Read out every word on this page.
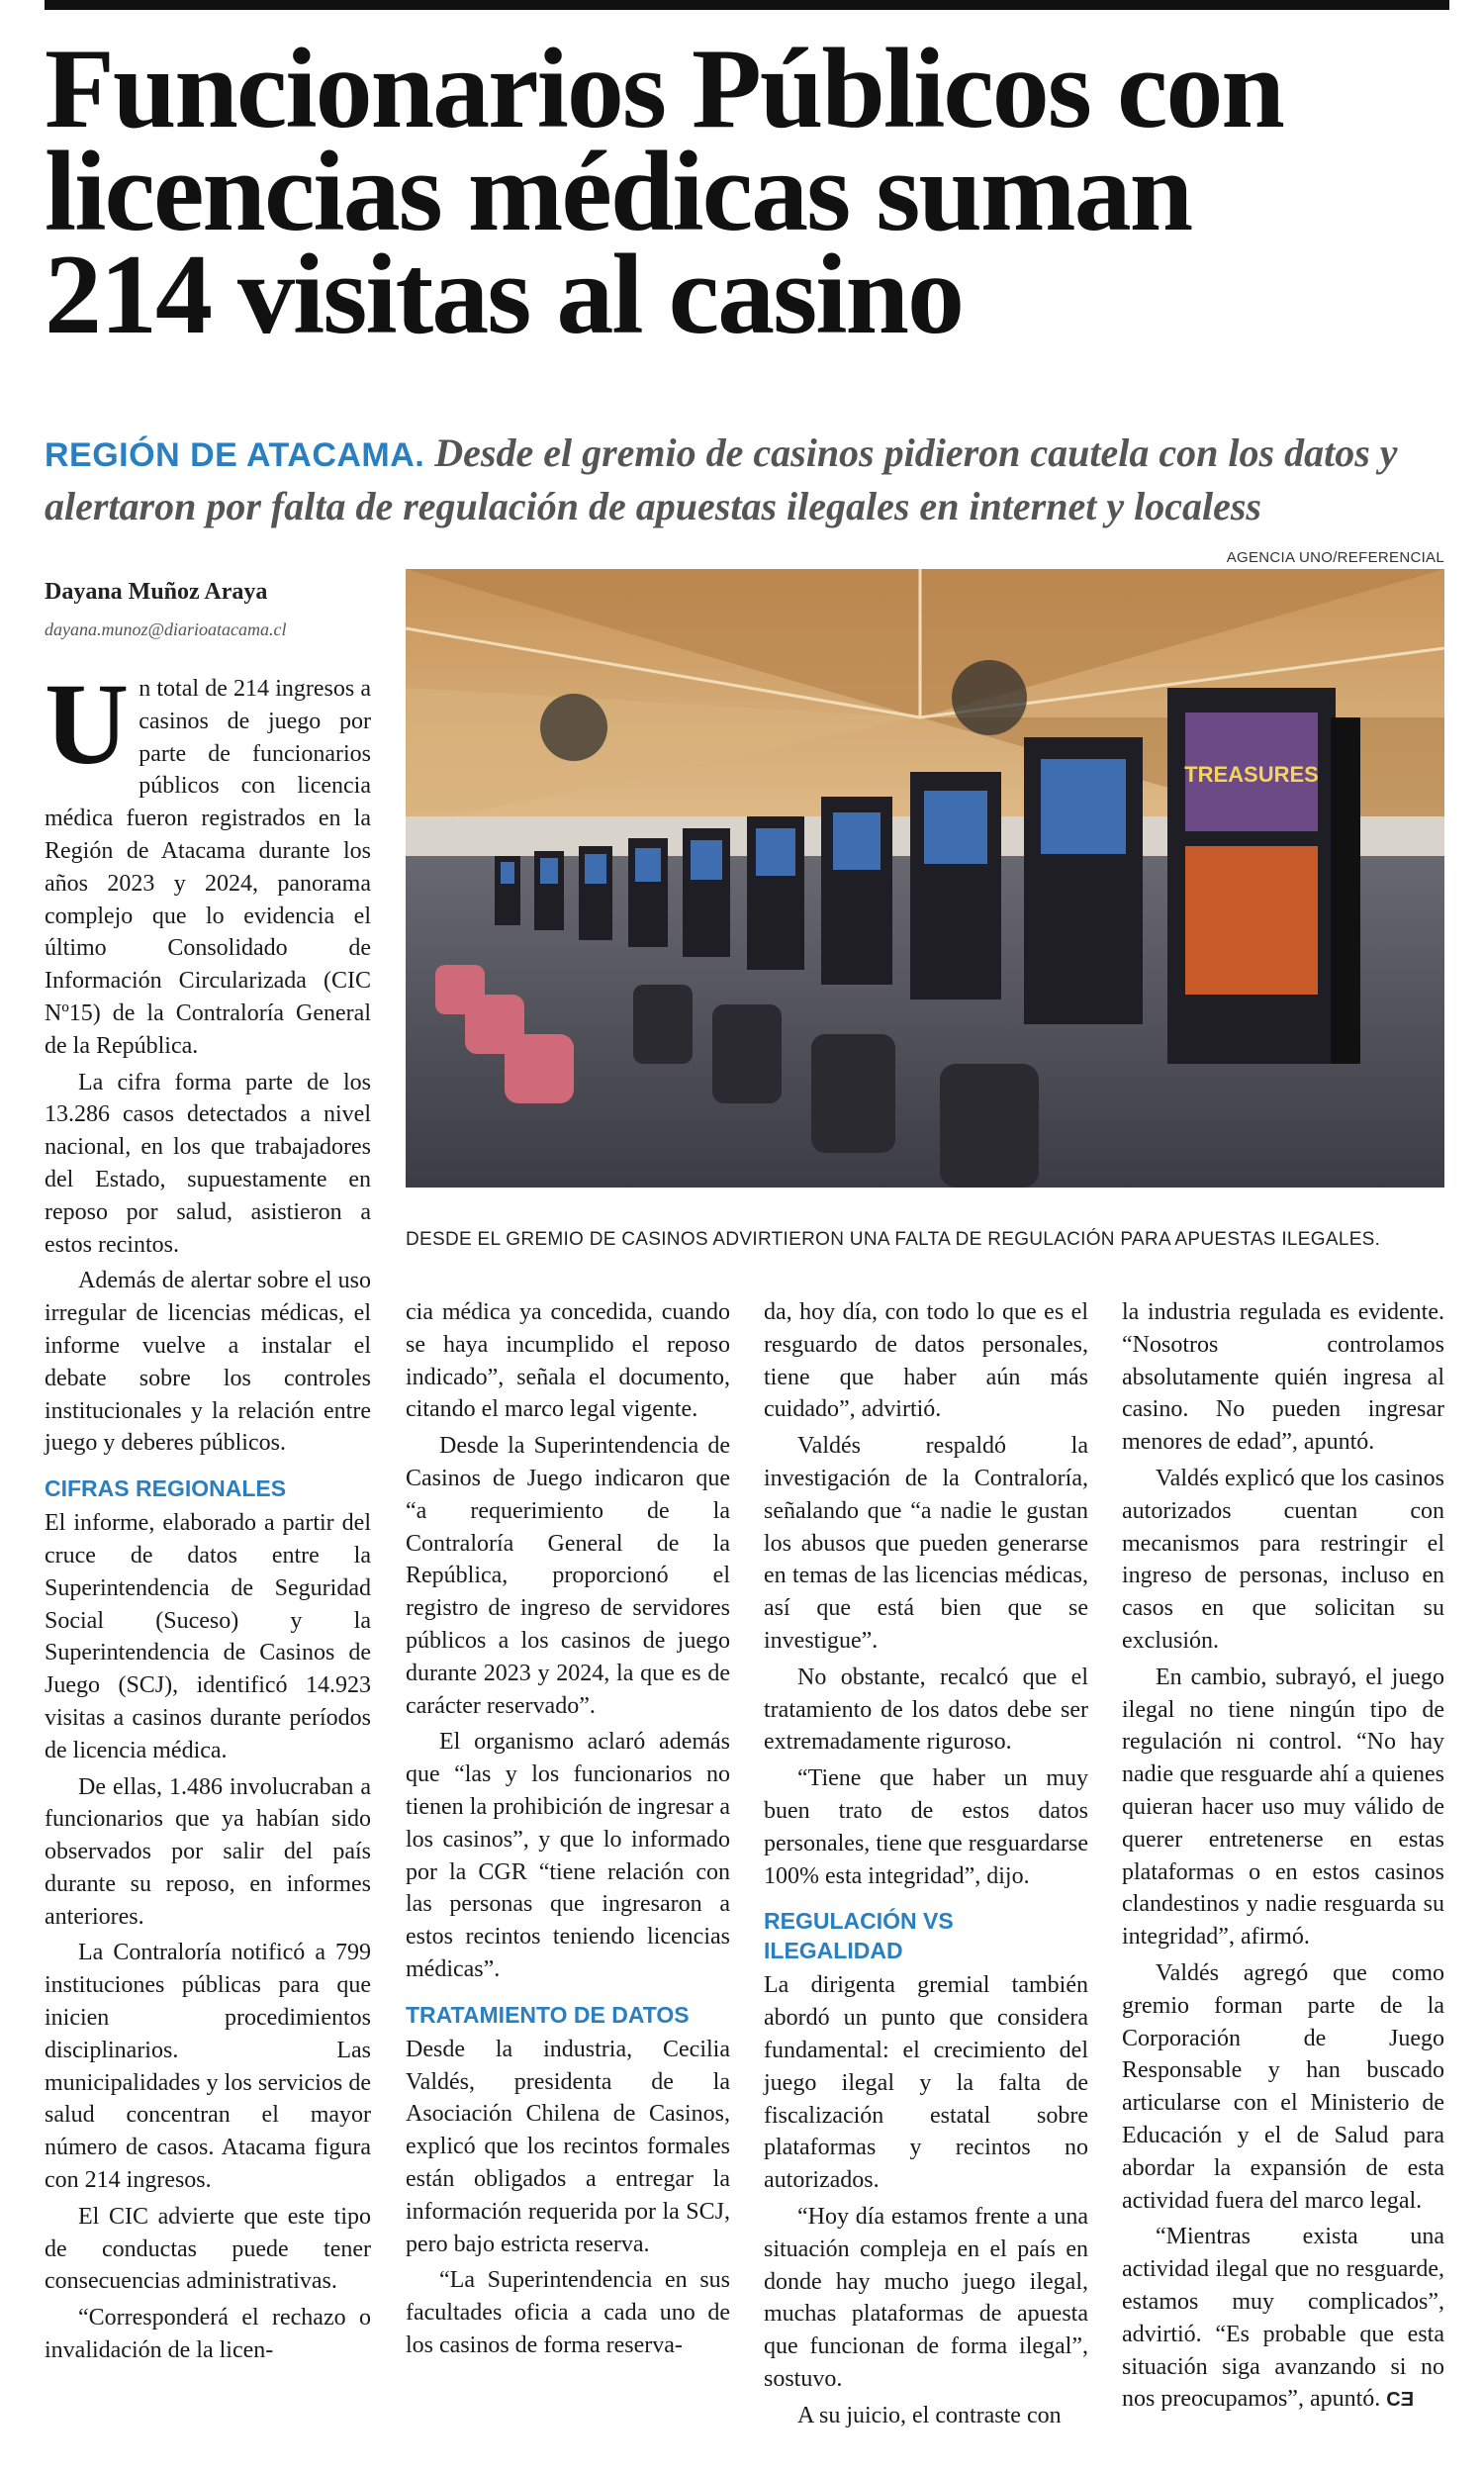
Funcionarios Públicos con
licencias médicas suman
214 visitas al casino
REGIÓN DE ATACAMA. Desde el gremio de casinos pidieron cautela con los datos y alertaron por falta de regulación de apuestas ilegales en internet y localess
AGENCIA UNO/REFERENCIAL
Dayana Muñoz Araya
dayana.munoz@diarioatacama.cl
TREASURES
DESDE EL GREMIO DE CASINOS ADVIRTIERON UNA FALTA DE REGULACIÓN PARA APUESTAS ILEGALES.

Un total de 214 ingresos a casinos de juego por parte de funcionarios públicos con licencia médica fueron registrados en la Región de Atacama durante los años 2023 y 2024, panorama complejo que lo evidencia el último Consolidado de Información Circularizada (CIC Nº15) de la Contraloría General de la República.

La cifra forma parte de los 13.286 casos detectados a nivel nacional, en los que trabajadores del Estado, supuestamente en reposo por salud, asistieron a estos recintos.

Además de alertar sobre el uso irregular de licencias médicas, el informe vuelve a instalar el debate sobre los controles institucionales y la relación entre juego y deberes públicos.

CIFRAS REGIONALES

El informe, elaborado a partir del cruce de datos entre la Superintendencia de Seguridad Social (Suceso) y la Superintendencia de Casinos de Juego (SCJ), identificó 14.923 visitas a casinos durante períodos de licencia médica.

De ellas, 1.486 involucraban a funcionarios que ya habían sido observados por salir del país durante su reposo, en informes anteriores.

La Contraloría notificó a 799 instituciones públicas para que inicien procedimientos disciplinarios. Las municipalidades y los servicios de salud concentran el mayor número de casos. Atacama figura con 214 ingresos.

El CIC advierte que este tipo de conductas puede tener consecuencias administrativas.

“Corresponderá el rechazo o invalidación de la licen-

cia médica ya concedida, cuando se haya incumplido el reposo indicado”, señala el documento, citando el marco legal vigente.

Desde la Superintendencia de Casinos de Juego indicaron que “a requerimiento de la Contraloría General de la República, proporcionó el registro de ingreso de servidores públicos a los casinos de juego durante 2023 y 2024, la que es de carácter reservado”.

El organismo aclaró además que “las y los funcionarios no tienen la prohibición de ingresar a los casinos”, y que lo informado por la CGR “tiene relación con las personas que ingresaron a estos recintos teniendo licencias médicas”.

TRATAMIENTO DE DATOS

Desde la industria, Cecilia Valdés, presidenta de la Asociación Chilena de Casinos, explicó que los recintos formales están obligados a entregar la información requerida por la SCJ, pero bajo estricta reserva.

“La Superintendencia en sus facultades oficia a cada uno de los casinos de forma reserva-

da, hoy día, con todo lo que es el resguardo de datos personales, tiene que haber aún más cuidado”, advirtió.

Valdés respaldó la investigación de la Contraloría, señalando que “a nadie le gustan los abusos que pueden generarse en temas de las licencias médicas, así que está bien que se investigue”.

No obstante, recalcó que el tratamiento de los datos debe ser extremadamente riguroso.

“Tiene que haber un muy buen trato de estos datos personales, tiene que resguardarse 100% esta integridad”, dijo.

REGULACIÓN VS ILEGALIDAD

La dirigenta gremial también abordó un punto que considera fundamental: el crecimiento del juego ilegal y la falta de fiscalización estatal sobre plataformas y recintos no autorizados.

“Hoy día estamos frente a una situación compleja en el país en donde hay mucho juego ilegal, muchas plataformas de apuesta que funcionan de forma ilegal”, sostuvo.

A su juicio, el contraste con

la industria regulada es evidente. “Nosotros controlamos absolutamente quién ingresa al casino. No pueden ingresar menores de edad”, apuntó.

Valdés explicó que los casinos autorizados cuentan con mecanismos para restringir el ingreso de personas, incluso en casos en que solicitan su exclusión.

En cambio, subrayó, el juego ilegal no tiene ningún tipo de regulación ni control. “No hay nadie que resguarde ahí a quienes quieran hacer uso muy válido de querer entretenerse en estas plataformas o en estos casinos clandestinos y nadie resguarda su integridad”, afirmó.

Valdés agregó que como gremio forman parte de la Corporación de Juego Responsable y han buscado articularse con el Ministerio de Educación y el de Salud para abordar la expansión de esta actividad fuera del marco legal.

“Mientras exista una actividad ilegal que no resguarde, estamos muy complicados”, advirtió. “Es probable que esta situación siga avanzando si no nos preocupamos”, apuntó. CƎ
